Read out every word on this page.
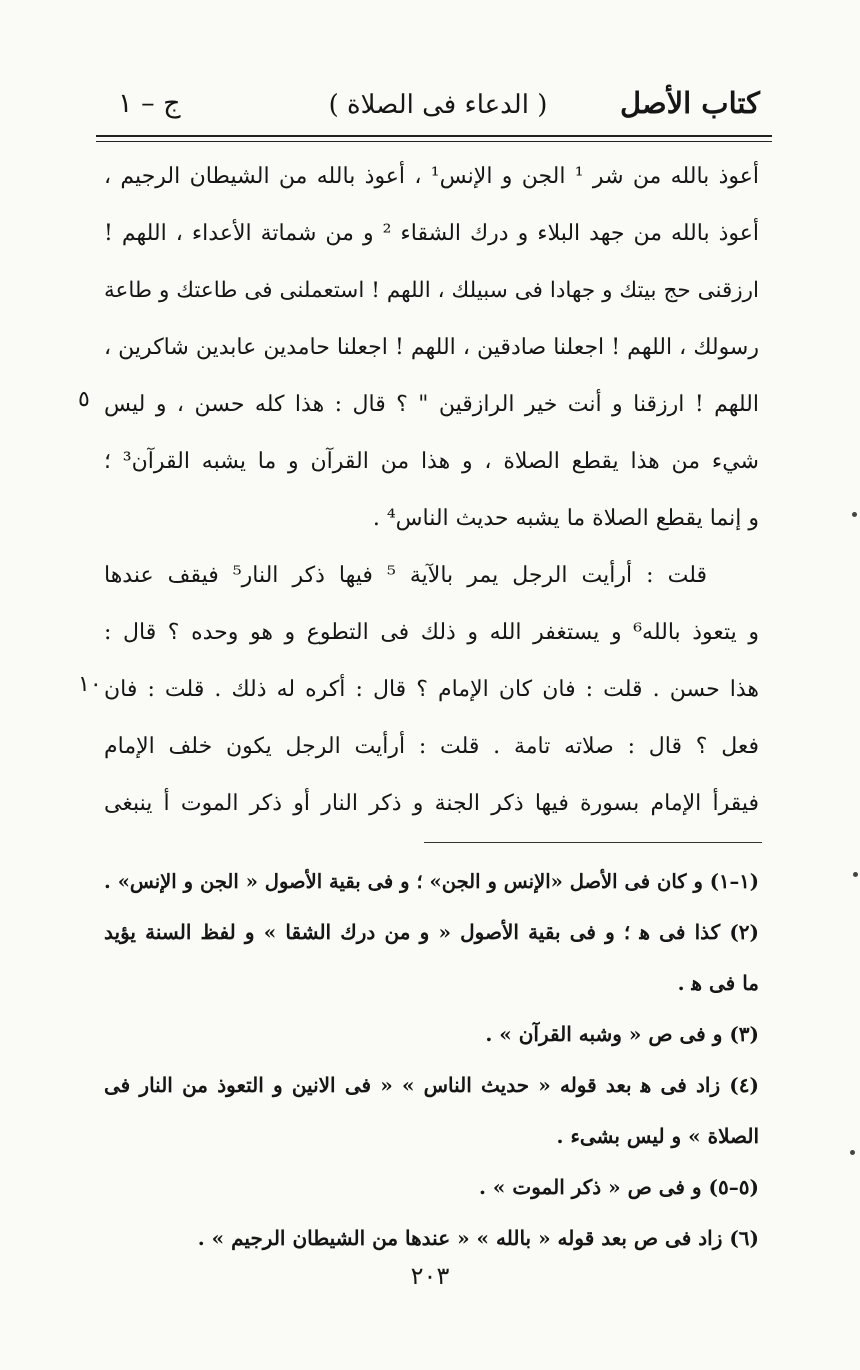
ج – ١	( الدعاء فى الصلاة )	كتاب الأصل
أعوذ بالله من شر ¹ الجن و الإنس¹ ، أعوذ بالله من الشيطان الرجيم ،
أعوذ بالله من جهد البلاء و درك الشقاء ² و من شماتة الأعداء ، اللهم !
ارزقنى حج بيتك و جهادا فى سبيلك ، اللهم ! استعملنى فى طاعتك و طاعة
رسولك ، اللهم ! اجعلنا صادقين ، اللهم ! اجعلنا حامدين عابدين شاكرين ،
اللهم ! ارزقنا و أنت خير الرازقين " ؟ قال : هذا كله حسن ، و ليس
شيء من هذا يقطع الصلاة ، و هذا من القرآن و ما يشبه القرآن³ ؛
و إنما يقطع الصلاة ما يشبه حديث الناس⁴ .
قلت : أرأيت الرجل يمر بالآية ⁵ فيها ذكر النار⁵ فيقف عندها
و يتعوذ بالله⁶ و يستغفر الله و ذلك فى التطوع و هو وحده ؟ قال :
هذا حسن . قلت : فان كان الإمام ؟ قال : أكره له ذلك . قلت : فان
فعل ؟ قال : صلاته تامة . قلت : أرأيت الرجل يكون خلف الإمام
فيقرأ الإمام بسورة فيها ذكر الجنة و ذكر النار أو ذكر الموت أ ينبغى
٥
١٠
(١–١) و كان فى الأصل «الإنس و الجن» ؛ و فى بقية الأصول « الجن و الإنس» .
(٢) كذا فى ﻫ ؛ و فى بقية الأصول « و من درك الشقا » و لفظ السنة يؤيد
ما فى ﻫ .
(٣) و فى ص « وشبه القرآن » .
(٤) زاد فى ﻫ بعد قوله « حديث الناس » « فى الانين و التعوذ من النار فى
الصلاة » و ليس بشىء .
(٥–٥) و فى ص « ذكر الموت » .
(٦) زاد فى ص بعد قوله « بالله » « عندها من الشيطان الرجيم » .
٢٠٣
